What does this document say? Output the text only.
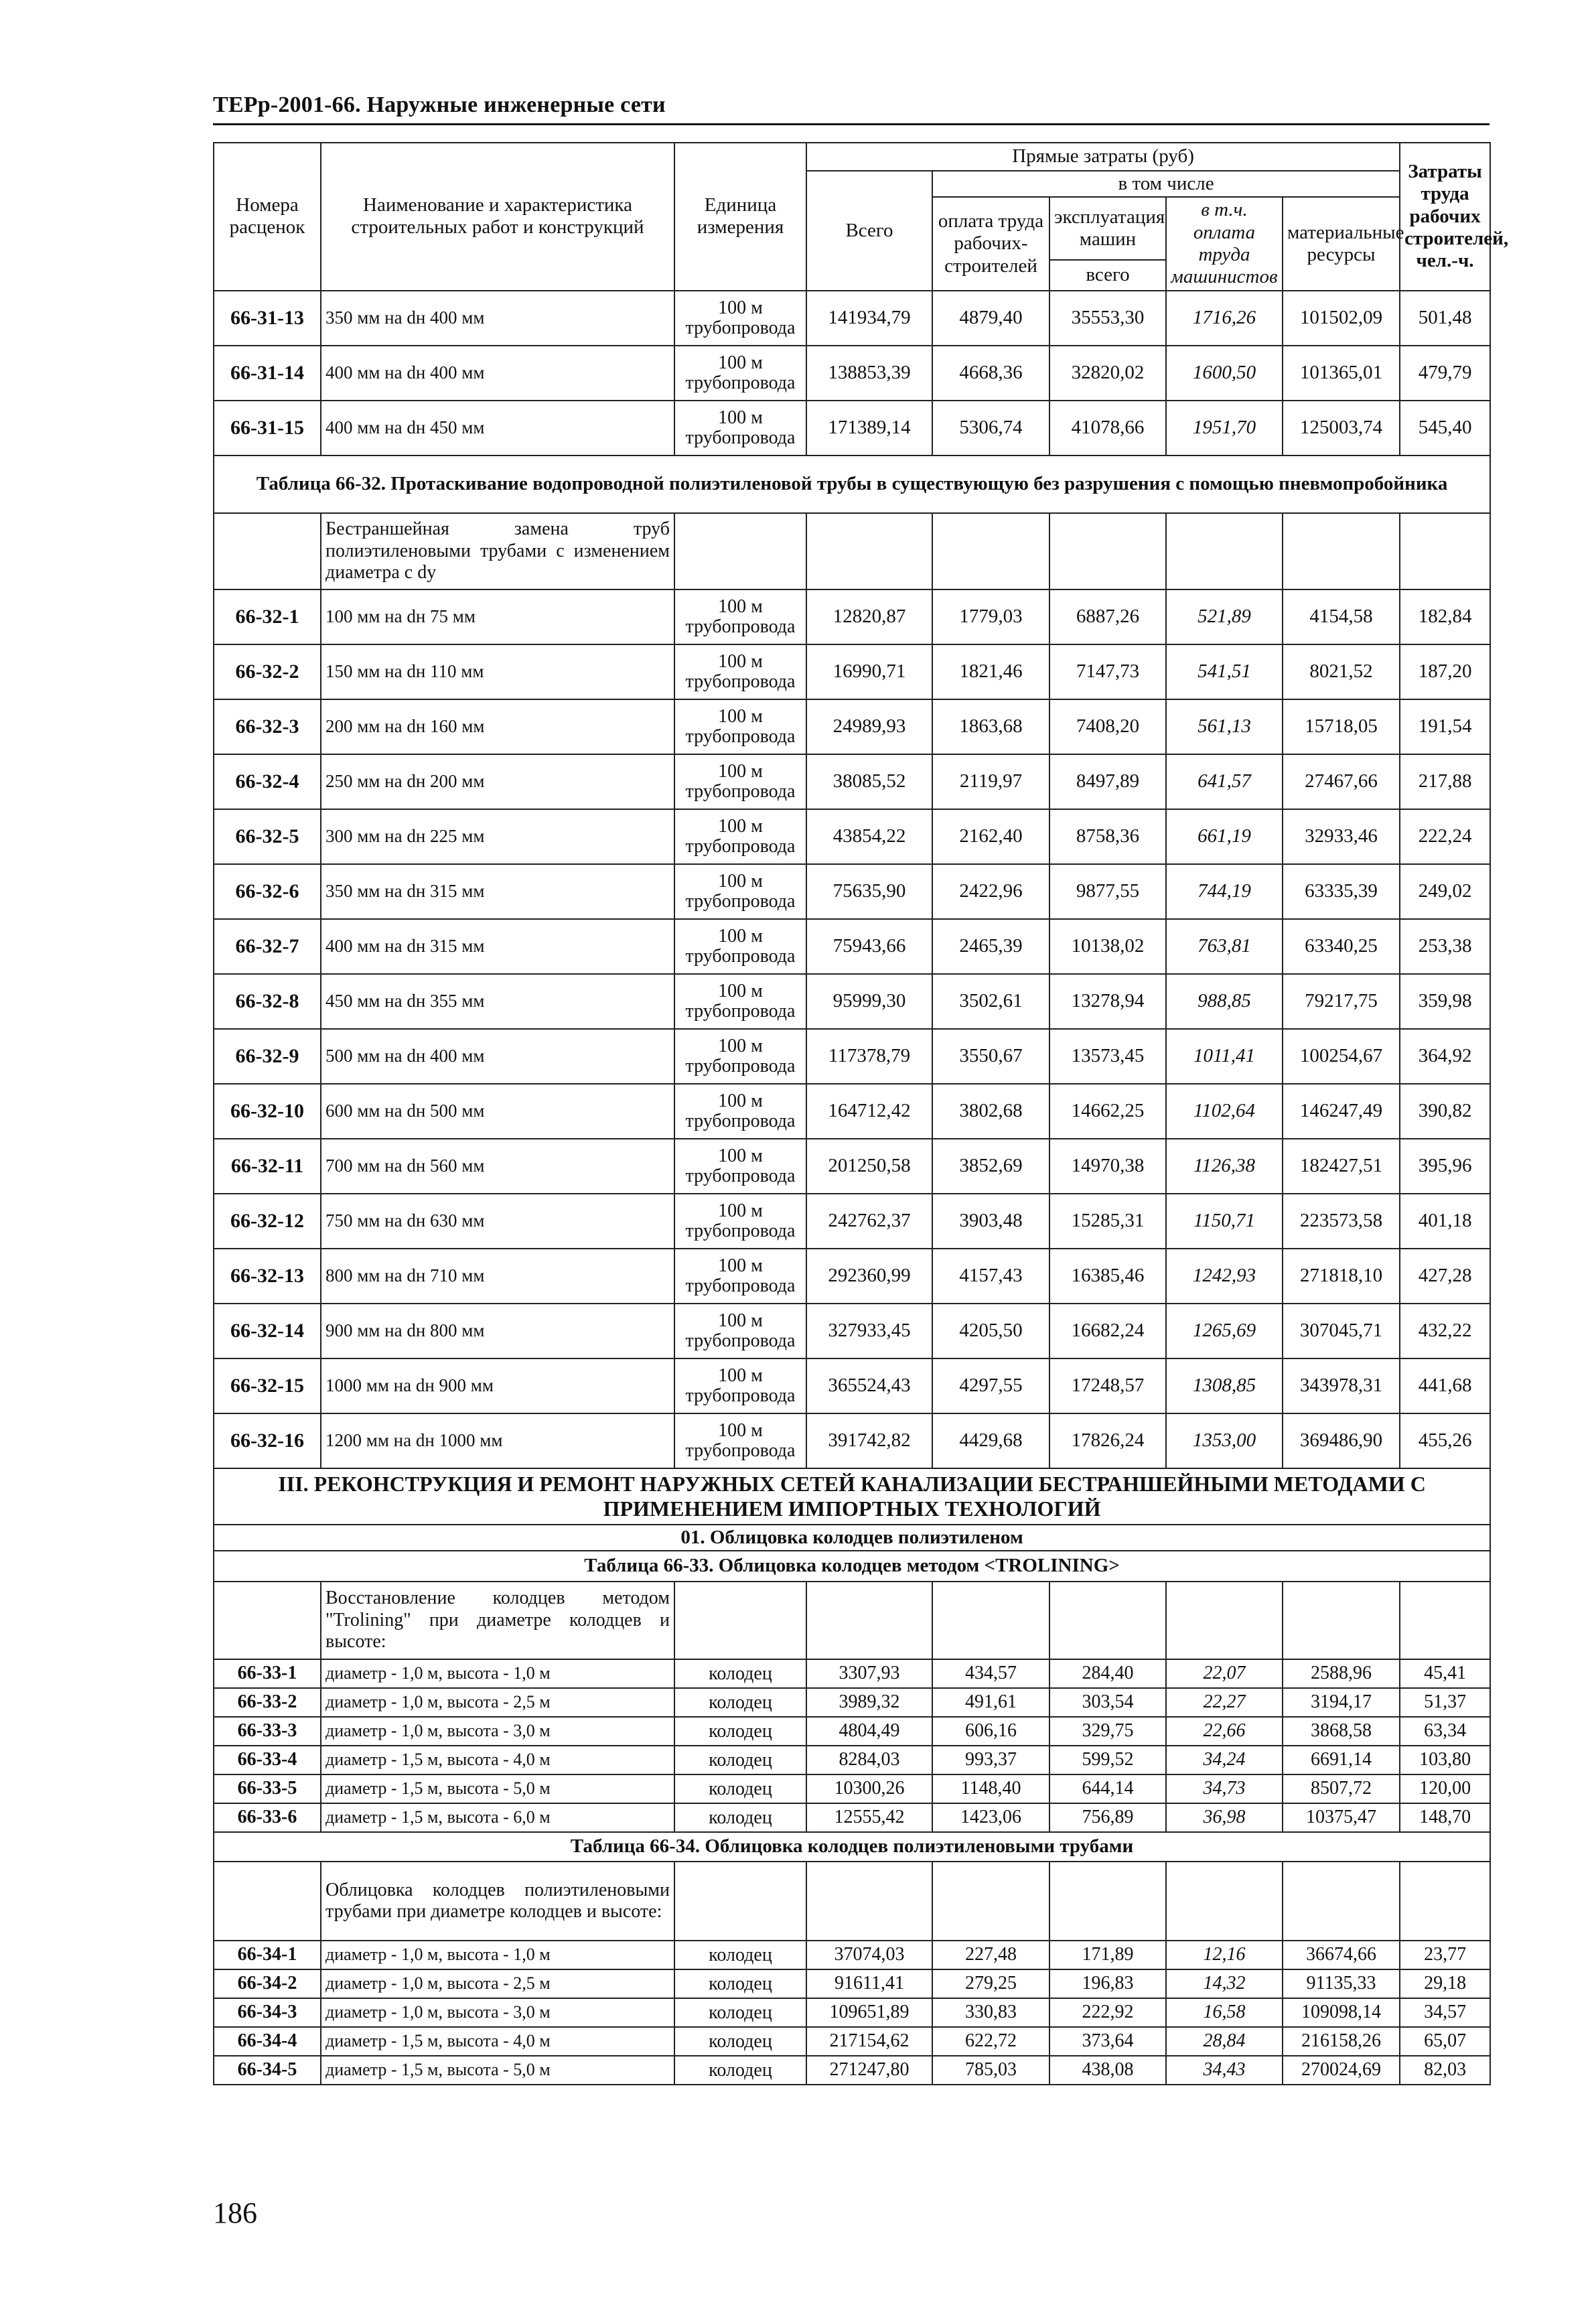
ТЕРр-2001-66. Наружные инженерные сети
Номера расценок	Наименование и характеристика строительных работ и конструкций	Единица измерения	Прямые затраты (руб)					Затраты труда рабочих строителей, чел.-ч.
			Всего	в том числе				
				оплата труда рабочих-строителей	эксплуатация машин	в т.ч. оплата труда машинистов	материальные ресурсы	
					всего			
66-31-13	350 мм на dн 400 мм	100 м трубопровода	141934,79	4879,40	35553,30	1716,26	101502,09	501,48
66-31-14	400 мм на dн 400 мм	100 м трубопровода	138853,39	4668,36	32820,02	1600,50	101365,01	479,79
66-31-15	400 мм на dн 450 мм	100 м трубопровода	171389,14	5306,74	41078,66	1951,70	125003,74	545,40
Таблица 66-32. Протаскивание водопроводной полиэтиленовой трубы в существующую без разрушения с помощью пневмопробойника								
	Бестраншейная замена труб полиэтиленовыми трубами с изменением диаметра с dу							
66-32-1	100 мм на dн 75 мм	100 м трубопровода	12820,87	1779,03	6887,26	521,89	4154,58	182,84
66-32-2	150 мм на dн 110 мм	100 м трубопровода	16990,71	1821,46	7147,73	541,51	8021,52	187,20
66-32-3	200 мм на dн 160 мм	100 м трубопровода	24989,93	1863,68	7408,20	561,13	15718,05	191,54
66-32-4	250 мм на dн 200 мм	100 м трубопровода	38085,52	2119,97	8497,89	641,57	27467,66	217,88
66-32-5	300 мм на dн 225 мм	100 м трубопровода	43854,22	2162,40	8758,36	661,19	32933,46	222,24
66-32-6	350 мм на dн 315 мм	100 м трубопровода	75635,90	2422,96	9877,55	744,19	63335,39	249,02
66-32-7	400 мм на dн 315 мм	100 м трубопровода	75943,66	2465,39	10138,02	763,81	63340,25	253,38
66-32-8	450 мм на dн 355 мм	100 м трубопровода	95999,30	3502,61	13278,94	988,85	79217,75	359,98
66-32-9	500 мм на dн 400 мм	100 м трубопровода	117378,79	3550,67	13573,45	1011,41	100254,67	364,92
66-32-10	600 мм на dн 500 мм	100 м трубопровода	164712,42	3802,68	14662,25	1102,64	146247,49	390,82
66-32-11	700 мм на dн 560 мм	100 м трубопровода	201250,58	3852,69	14970,38	1126,38	182427,51	395,96
66-32-12	750 мм на dн 630 мм	100 м трубопровода	242762,37	3903,48	15285,31	1150,71	223573,58	401,18
66-32-13	800 мм на dн 710 мм	100 м трубопровода	292360,99	4157,43	16385,46	1242,93	271818,10	427,28
66-32-14	900 мм на dн 800 мм	100 м трубопровода	327933,45	4205,50	16682,24	1265,69	307045,71	432,22
66-32-15	1000 мм на dн 900 мм	100 м трубопровода	365524,43	4297,55	17248,57	1308,85	343978,31	441,68
66-32-16	1200 мм на dн 1000 мм	100 м трубопровода	391742,82	4429,68	17826,24	1353,00	369486,90	455,26
III. РЕКОНСТРУКЦИЯ И РЕМОНТ НАРУЖНЫХ СЕТЕЙ КАНАЛИЗАЦИИ БЕСТРАНШЕЙНЫМИ МЕТОДАМИ С ПРИМЕНЕНИЕМ ИМПОРТНЫХ ТЕХНОЛОГИЙ								
01. Облицовка колодцев полиэтиленом								
Таблица 66-33. Облицовка колодцев методом <TROLINING>								
	Восстановление колодцев методом "Trolining" при диаметре колодцев и высоте:							
66-33-1	диаметр - 1,0 м, высота - 1,0 м	колодец	3307,93	434,57	284,40	22,07	2588,96	45,41
66-33-2	диаметр - 1,0 м, высота - 2,5 м	колодец	3989,32	491,61	303,54	22,27	3194,17	51,37
66-33-3	диаметр - 1,0 м, высота - 3,0 м	колодец	4804,49	606,16	329,75	22,66	3868,58	63,34
66-33-4	диаметр - 1,5 м, высота - 4,0 м	колодец	8284,03	993,37	599,52	34,24	6691,14	103,80
66-33-5	диаметр - 1,5 м, высота - 5,0 м	колодец	10300,26	1148,40	644,14	34,73	8507,72	120,00
66-33-6	диаметр - 1,5 м, высота - 6,0 м	колодец	12555,42	1423,06	756,89	36,98	10375,47	148,70
Таблица 66-34. Облицовка колодцев полиэтиленовыми трубами								
	Облицовка колодцев полиэтиленовыми трубами при диаметре колодцев и высоте:							
66-34-1	диаметр - 1,0 м, высота - 1,0 м	колодец	37074,03	227,48	171,89	12,16	36674,66	23,77
66-34-2	диаметр - 1,0 м, высота - 2,5 м	колодец	91611,41	279,25	196,83	14,32	91135,33	29,18
66-34-3	диаметр - 1,0 м, высота - 3,0 м	колодец	109651,89	330,83	222,92	16,58	109098,14	34,57
66-34-4	диаметр - 1,5 м, высота - 4,0 м	колодец	217154,62	622,72	373,64	28,84	216158,26	65,07
66-34-5	диаметр - 1,5 м, высота - 5,0 м	колодец	271247,80	785,03	438,08	34,43	270024,69	82,03
186
